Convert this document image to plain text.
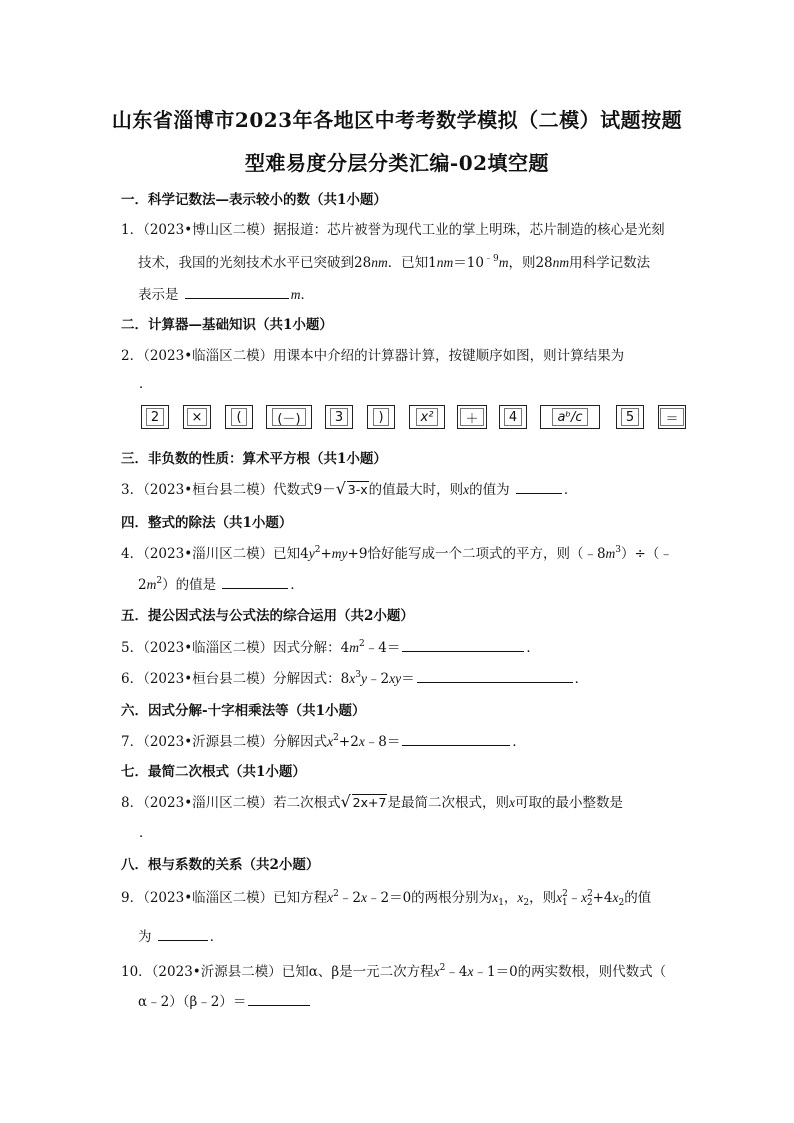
山东省淄博市2023年各地区中考考数学模拟（二模）试题按题
型难易度分层分类汇编-02填空题
一．科学记数法—表示较小的数（共1小题）
1．（2023•博山区二模）据报道：芯片被誉为现代工业的掌上明珠，芯片制造的核心是光刻
技术，我国的光刻技术水平已突破到28nm．已知$1nm=10^{﹣9}m$，则28nm用科学记数法
表示是	m．
二．计算器—基础知识（共1小题）
2．（2023•临淄区二模）用课本中介绍的计算器计算，按键顺序如图，则计算结果为
．
2	×	(	(－)	3	)	x²	＋	4	aᵇ/c	5	＝
三．非负数的性质：算术平方根（共1小题）
3．（2023•桓台县二模）代数式9－ √ 3-x的值最大时，则x的值为	．
四．整式的除法（共1小题）
4．（2023•淄川区二模）已知$4y^2+my+9$恰好能写成一个二项式的平方，则$(﹣8m^3)\div(﹣$
$2m^2$）的值是	．
五．提公因式法与公式法的综合运用（共2小题）
5．（2023•临淄区二模）因式分解：$4m^2﹣4=$	．
6．（2023•桓台县二模）分解因式：$8x^3y﹣2xy=$	．
六．因式分解-十字相乘法等（共1小题）
7．（2023•沂源县二模）分解因式$x^2+2x﹣8=$	．
七．最简二次根式（共1小题）
8．（2023•淄川区二模）若二次根式 √ 2x+7是最简二次根式，则x可取的最小整数是
．
八．根与系数的关系（共2小题）
9．（2023•临淄区二模）已知方程$x^2﹣2x﹣2=0$的两根分别为$x_1$，$x_2$，则$x^2_1﹣x^2_2+4x_2$的值
为	．
10．（2023•沂源县二模）已知α、β是一元二次方程$x^2﹣4x﹣1=0$的两实数根，则代数式（
α﹣2）（β﹣2）＝
